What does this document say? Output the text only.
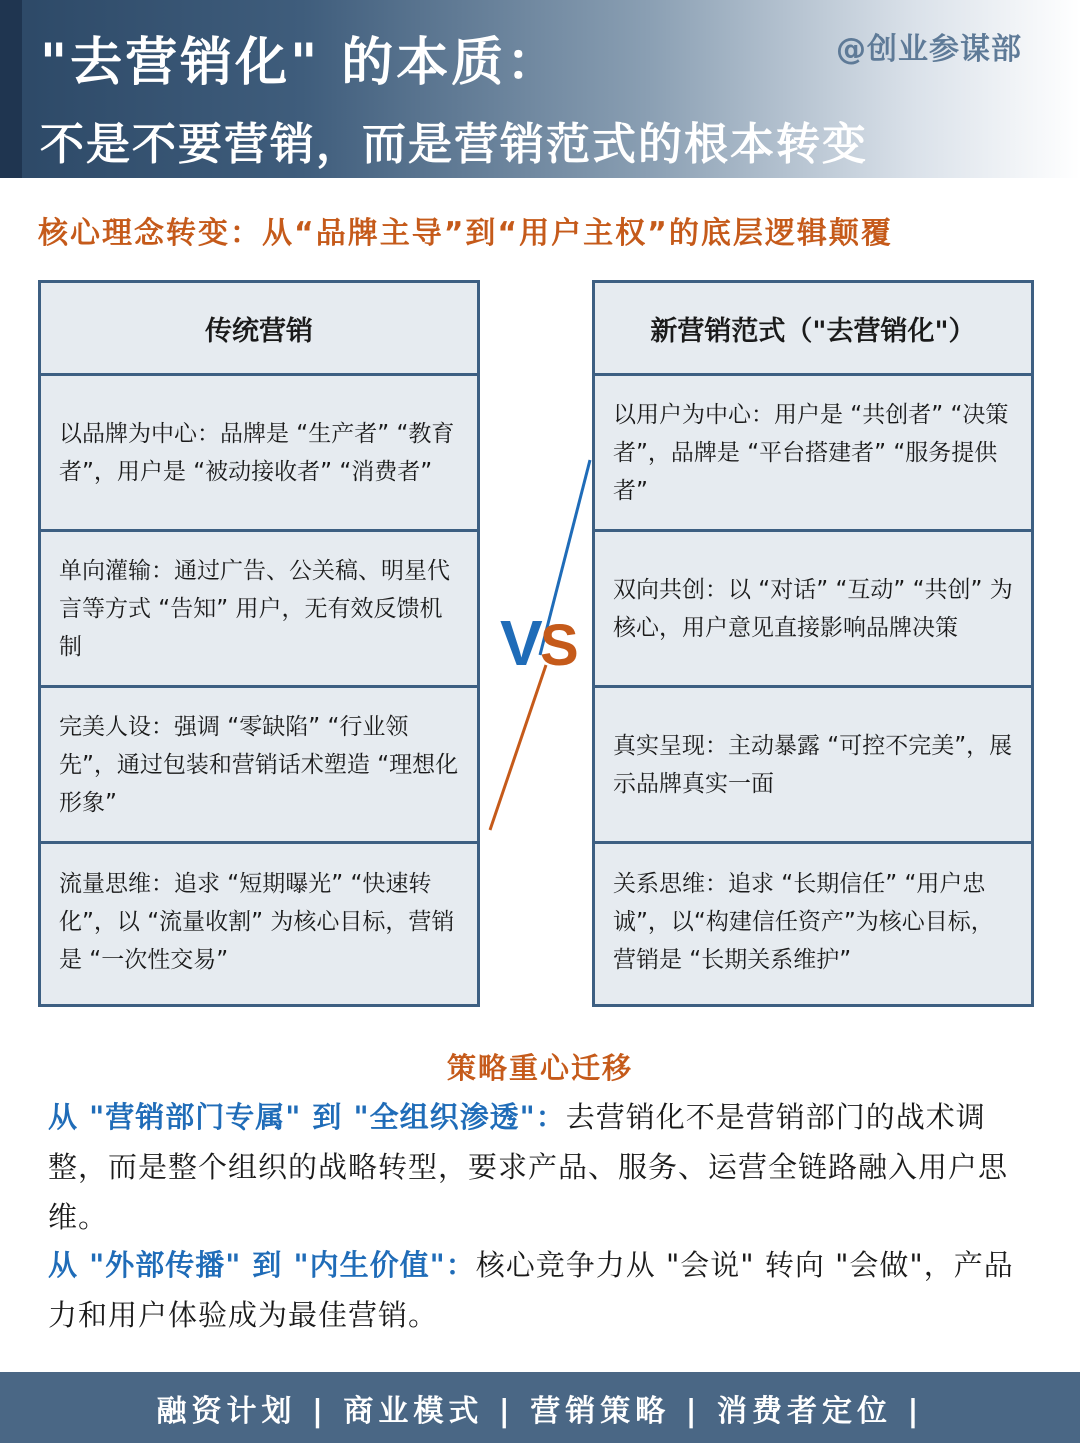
"去营销化" 的本质：
不是不要营销，而是营销范式的根本转变
@创业参谋部
核心理念转变：从“品牌主导”到“用户主权”的底层逻辑颠覆
传统营销
以品牌为中心：品牌是 “生产者” “教育者”，用户是 “被动接收者” “消费者”
单向灌输：通过广告、公关稿、明星代言等方式 “告知” 用户，无有效反馈机制
完美人设：强调 “零缺陷” “行业领先”，通过包装和营销话术塑造 “理想化形象”
流量思维：追求 “短期曝光” “快速转化”，以 “流量收割” 为核心目标，营销是 “一次性交易”
V
S
新营销范式（"去营销化"）
以用户为中心：用户是 “共创者” “决策者”，品牌是 “平台搭建者” “服务提供者”
双向共创：以 “对话” “互动” “共创” 为核心，用户意见直接影响品牌决策
真实呈现：主动暴露 “可控不完美”，展示品牌真实一面
关系思维：追求 “长期信任” “用户忠诚”，以“构建信任资产”为核心目标，营销是 “长期关系维护”
策略重心迁移
从 "营销部门专属" 到 "全组织渗透"：去营销化不是营销部门的战术调整，而是整个组织的战略转型，要求产品、服务、运营全链路融入用户思维。
从 "外部传播" 到 "内生价值"：核心竞争力从 "会说" 转向 "会做"，产品力和用户体验成为最佳营销。
融资计划 | 商业模式 | 营销策略 | 消费者定位 |
